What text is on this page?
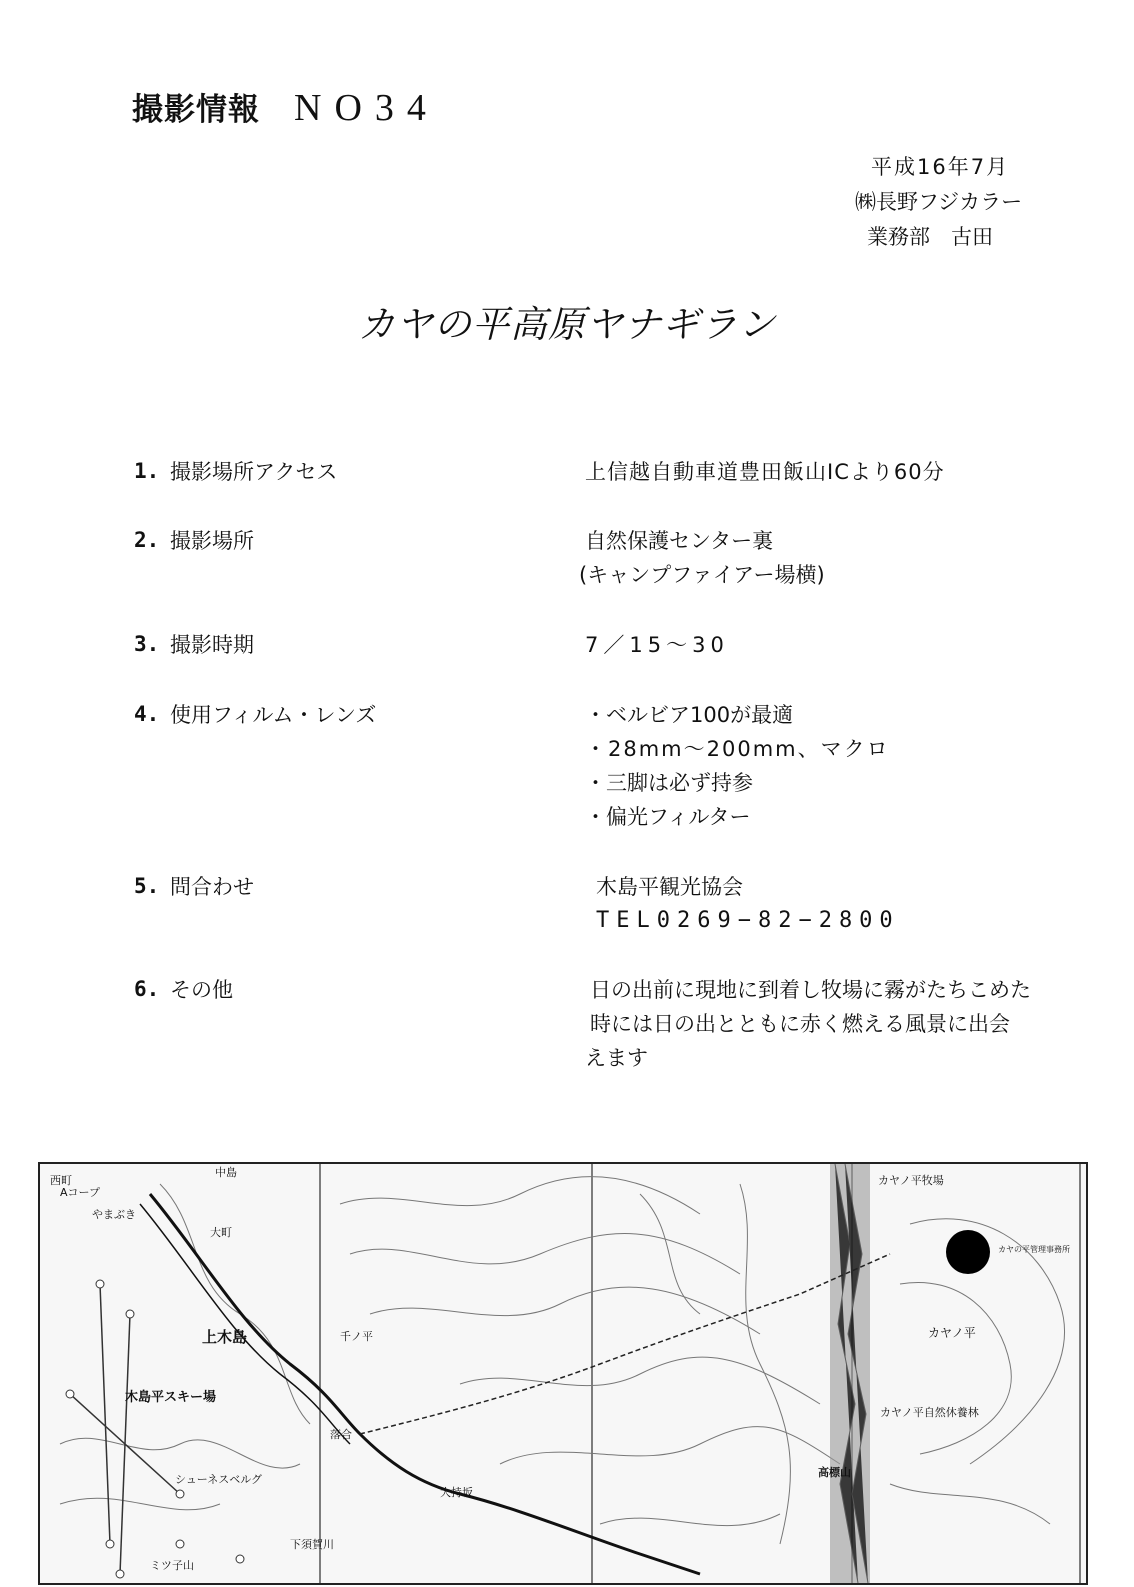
撮影情報 NO34
平成16年7月
㈱長野フジカラー
業務部　古田
カヤの平高原ヤナギラン
1. 撮影場所アクセス	上信越自動車道豊田飯山ICより60分
2. 撮影場所	自然保護センター裏
(キャンプファイアー場横)
3. 撮影時期	7／15～30
4. 使用フィルム・レンズ	・ベルビア100が最適
・28mm～200mm、マクロ
・三脚は必ず持参
・偏光フィルター
5. 問合わせ	木島平観光協会
TEL0269−82−2800
6. その他	日の出前に現地に到着し牧場に霧がたちこめた
時には日の出とともに赤く燃える風景に出会
えます
西町
中島
Aコープ
やまぶき
大町
上木島	千ノ平
木島平スキー場
落合
シューネスベルグ
大持坂
下須賀川
ミツ子山
高標山
カヤノ平牧場
カヤの平管理事務所
カヤノ平
カヤノ平自然休養林
